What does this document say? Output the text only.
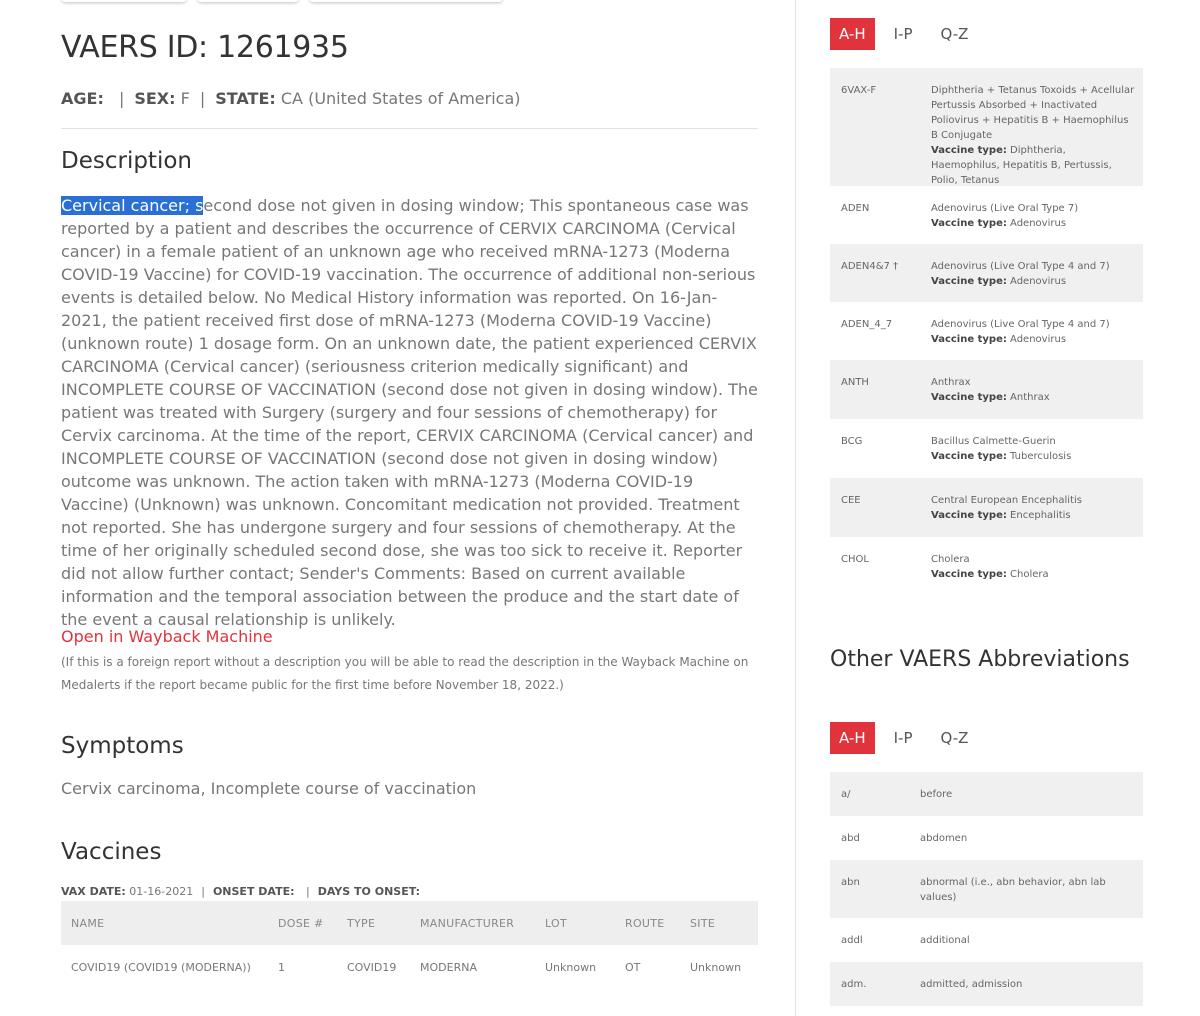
VAERS ID: 1261935
AGE: | SEX: F | STATE: CA (United States of America)
Description

Cervical cancer; second dose not given in dosing window; This spontaneous case was reported by a patient and describes the occurrence of CERVIX CARCINOMA (Cervical cancer) in a female patient of an unknown age who received mRNA-1273 (Moderna COVID-19 Vaccine) for COVID-19 vaccination. The occurrence of additional non-serious events is detailed below. No Medical History information was reported. On 16-Jan-2021, the patient received first dose of mRNA-1273 (Moderna COVID-19 Vaccine) (unknown route) 1 dosage form. On an unknown date, the patient experienced CERVIX CARCINOMA (Cervical cancer) (seriousness criterion medically significant) and INCOMPLETE COURSE OF VACCINATION (second dose not given in dosing window). The patient was treated with Surgery (surgery and four sessions of chemotherapy) for Cervix carcinoma. At the time of the report, CERVIX CARCINOMA (Cervical cancer) and INCOMPLETE COURSE OF VACCINATION (second dose not given in dosing window) outcome was unknown. The action taken with mRNA-1273 (Moderna COVID-19 Vaccine) (Unknown) was unknown. Concomitant medication not provided. Treatment not reported. She has undergone surgery and four sessions of chemotherapy. At the time of her originally scheduled second dose, she was too sick to receive it. Reporter did not allow further contact; Sender's Comments: Based on current available information and the temporal association between the produce and the start date of the event a causal relationship is unlikely.

Open in Wayback Machine
(If this is a foreign report without a description you will be able to read the description in the Wayback Machine on Medalerts if the report became public for the first time before November 18, 2022.)
Symptoms
Cervix carcinoma, Incomplete course of vaccination
Vaccines
VAX DATE: 01-16-2021 | ONSET DATE: | DAYS TO ONSET:
NAME	DOSE #	TYPE	MANUFACTURER	LOT	ROUTE	SITE
COVID19 (COVID19 (MODERNA))	1	COVID19	MODERNA	Unknown	OT	Unknown
A-H I-P Q-Z
6VAX-F	Diphtheria + Tetanus Toxoids + Acellular Pertussis Absorbed + Inactivated Poliovirus + Hepatitis B + Haemophilus B Conjugate
Vaccine type: Diphtheria, Haemophilus, Hepatitis B, Pertussis, Polio, Tetanus
ADEN	Adenovirus (Live Oral Type 7)
Vaccine type: Adenovirus
ADEN4&7 †	Adenovirus (Live Oral Type 4 and 7)
Vaccine type: Adenovirus
ADEN_4_7	Adenovirus (Live Oral Type 4 and 7)
Vaccine type: Adenovirus
ANTH	Anthrax
Vaccine type: Anthrax
BCG	Bacillus Calmette-Guerin
Vaccine type: Tuberculosis
CEE	Central European Encephalitis
Vaccine type: Encephalitis
CHOL	Cholera
Vaccine type: Cholera
Other VAERS Abbreviations
A-H I-P Q-Z
a/	before
abd	abdomen
abn	abnormal (i.e., abn behavior, abn lab values)
addl	additional
adm.	admitted, admission
